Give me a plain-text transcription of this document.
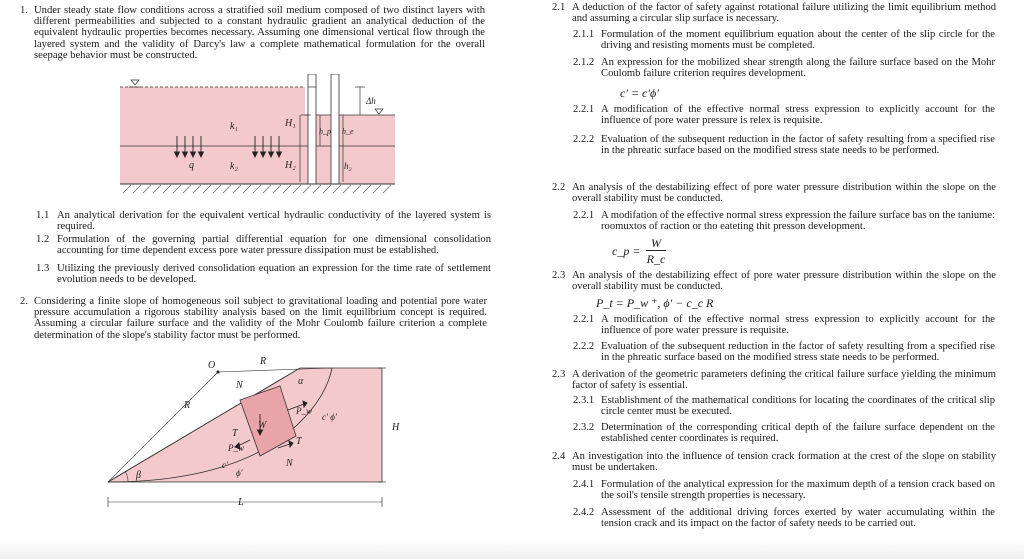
1. Under steady state flow conditions across a stratified soil medium composed of two distinct layers with different permeabilities and subjected to a constant hydraulic gradient an analytical deduction of the equivalent hydraulic properties becomes necessary. Assuming one dimensional vertical flow through the layered system and the validity of Darcy's law a complete mathematical formulation for the overall seepage behavior must be constructed.
k₁
k₂
H₁
H₂
h_p h_e
h₂
Δh
q
1.1 An analytical derivation for the equivalent vertical hydraulic conductivity of the layered system is required.
1.2 Formulation of the governing partial differential equation for one dimensional consolidation accounting for time dependent excess pore water pressure dissipation must be established.
1.3 Utilizing the previously derived consolidation equation an expression for the time rate of settlement evolution needs to be developed.
2. Considering a finite slope of homogeneous soil subject to gravitational loading and potential pore water pressure accumulation a rigorous stability analysis based on the limit equilibrium concept is required. Assuming a circular failure surface and the validity of the Mohr Coulomb failure criterion a complete determination of the slope's stability factor must be performed.
O	R
R
N	α
P_w
c′ ϕ′
W
T
T
P_w
c′
ϕ′
N
β
H
L
2.1 A deduction of the factor of safety against rotational failure utilizing the limit equilibrium method and assuming a circular slip surface is necessary.
2.1.1 Formulation of the moment equilibrium equation about the center of the slip circle for the driving and resisting moments must be completed.
2.1.2 An expression for the mobilized shear strength along the failure surface based on the Mohr Coulomb failure criterion requires development.
c′ = c′ϕ′
2.2.1 A modification of the effective normal stress expression to explicitly account for the influence of pore water pressure is relex is requisite.
2.2.2 Evaluation of the subsequent reduction in the factor of safety resulting from a specified rise in the phreatic surface based on the modified stress state needs to be performed.
2.2 An analysis of the destabilizing effect of pore water pressure distribution within the slope on the overall stability must be conducted.
2.2.1 A modifation of the effective normal stress expression the failure surface bas on the taniume: roomuxtos of raction or tho eateting thit presson development.
c_p =
W
R_c
2.3 An analysis of the destabilizing effect of pore water pressure distribution within the slope on the overall stability must be conducted.
P_t = P_w ⁺, ϕ′ − c_c R
2.2.1 A modification of the effective normal stress expression to explicitly account for the influence of pore water pressure is requisite.
2.2.2 Evaluation of the subsequent reduction in the factor of safety resulting from a specified rise in the phreatic surface based on the modified stress state needs to be performed.
2.3 A derivation of the geometric parameters defining the critical failure surface yielding the minimum factor of safety is essential.
2.3.1 Establishment of the mathematical conditions for locating the coordinates of the critical slip circle center must be executed.
2.3.2 Determination of the corresponding critical depth of the failure surface dependent on the established center coordinates is required.
2.4 An investigation into the influence of tension crack formation at the crest of the slope on stability must be undertaken.
2.4.1 Formulation of the analytical expression for the maximum depth of a tension crack based on the soil's tensile strength properties is necessary.
2.4.2 Assessment of the additional driving forces exerted by water accumulating within the tension crack and its impact on the factor of safety needs to be carried out.
